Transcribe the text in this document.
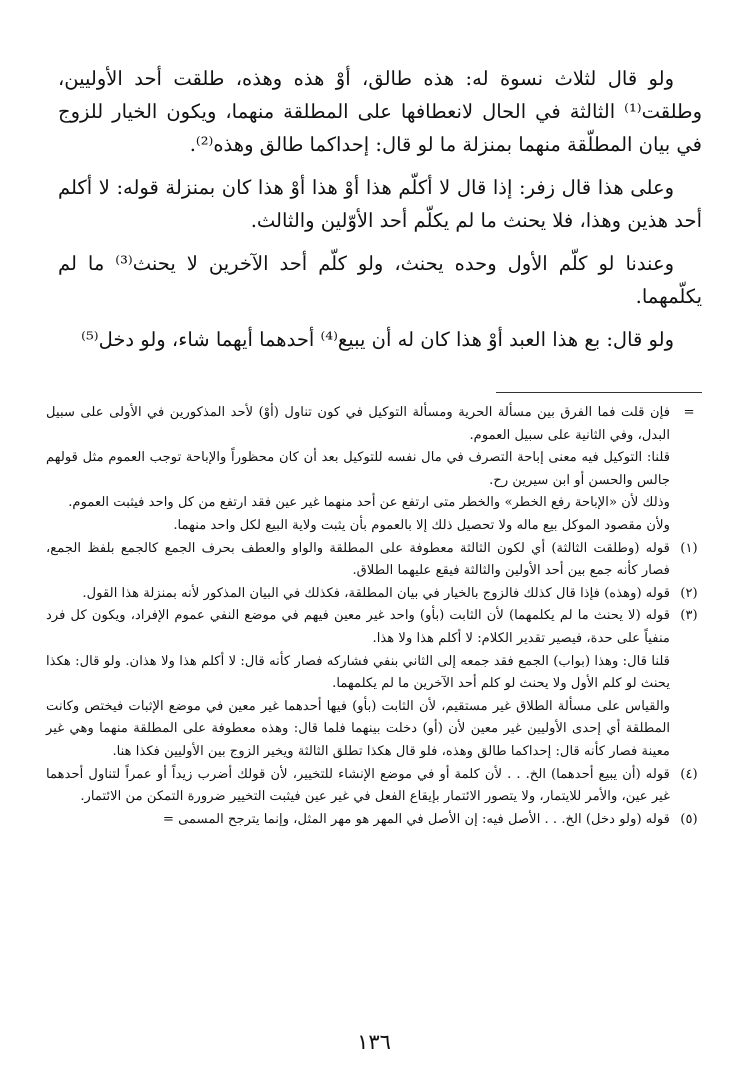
ولو قال لثلاث نسوة له: هذه طالق، أوْ هذه وهذه، طلقت أحد الأوليين، وطلقت⁽¹⁾ الثالثة في الحال لانعطافها على المطلقة منهما، ويكون الخيار للزوج في بيان المطلّقة منهما بمنزلة ما لو قال: إحداكما طالق وهذه⁽²⁾.

وعلى هذا قال زفر: إذا قال لا أكلّم هذا أوْ هذا أوْ هذا كان بمنزلة قوله: لا أكلم أحد هذين وهذا، فلا يحنث ما لم يكلّم أحد الأوّلين والثالث.

وعندنا لو كلّم الأول وحده يحنث، ولو كلّم أحد الآخرين لا يحنث⁽³⁾ ما لم يكلّمهما.

ولو قال: بع هذا العبد أوْ هذا كان له أن يبيع⁽⁴⁾ أحدهما أيهما شاء، ولو دخل⁽⁵⁾

=

فإن قلت فما الفرق بين مسألة الحرية ومسألة التوكيل في كون تناول (أوْ) لأحد المذكورين في الأولى على سبيل البدل، وفي الثانية على سبيل العموم.

قلنا: التوكيل فيه معنى إباحة التصرف في مال نفسه للتوكيل بعد أن كان محظوراً والإباحة توجب العموم مثل قولهم جالس والحسن أو ابن سيرين رح.

وذلك لأن «الإباحة رفع الخطر» والخطر متى ارتفع عن أحد منهما غير عين فقد ارتفع من كل واحد فيثبت العموم.

ولأن مقصود الموكل بيع ماله ولا تحصيل ذلك إلا بالعموم بأن يثبت ولاية البيع لكل واحد منهما.

(١)

قوله (وطلقت الثالثة) أي لكون الثالثة معطوفة على المطلقة والواو والعطف بحرف الجمع كالجمع بلفظ الجمع، فصار كأنه جمع بين أحد الأولين والثالثة فيقع عليهما الطلاق.

(٢)

قوله (وهذه) فإذا قال كذلك فالزوج بالخيار في بيان المطلقة، فكذلك في البيان المذكور لأنه بمنزلة هذا القول.

(٣)

قوله (لا يحنث ما لم يكلمهما) لأن الثابت (بأو) واحد غير معين فيهم في موضع النفي عموم الإفراد، ويكون كل فرد منفياً على حدة، فيصير تقدير الكلام: لا أكلم هذا ولا هذا.

قلنا قال: وهذا (بواب) الجمع فقد جمعه إلى الثاني بنفي فشاركه فصار كأنه قال: لا أكلم هذا ولا هذان. ولو قال: هكذا يحنث لو كلم الأول ولا يحنث لو كلم أحد الآخرين ما لم يكلمهما.

والقياس على مسألة الطلاق غير مستقيم، لأن الثابت (بأو) فيها أحدهما غير معين في موضع الإثبات فيختص وكانت المطلقة أي إحدى الأوليين غير معين لأن (أو) دخلت بينهما فلما قال: وهذه معطوفة على المطلقة منهما وهي غير معينة فصار كأنه قال: إحداكما طالق وهذه، فلو قال هكذا تطلق الثالثة ويخير الزوج بين الأوليين فكذا هنا.

(٤)

قوله (أن يبيع أحدهما) الخ. . . لأن كلمة أو في موضع الإنشاء للتخيير، لأن قولك أضرب زيداً أو عمراً لتناول أحدهما غير عين، والأمر للايتمار، ولا يتصور الائتمار بإيقاع الفعل في غير عين فيثبت التخيير ضرورة التمكن من الائتمار.

(٥)

قوله (ولو دخل) الخ. . . الأصل فيه: إن الأصل في المهر هو مهر المثل، وإنما يترجح المسمى =

١٣٦
